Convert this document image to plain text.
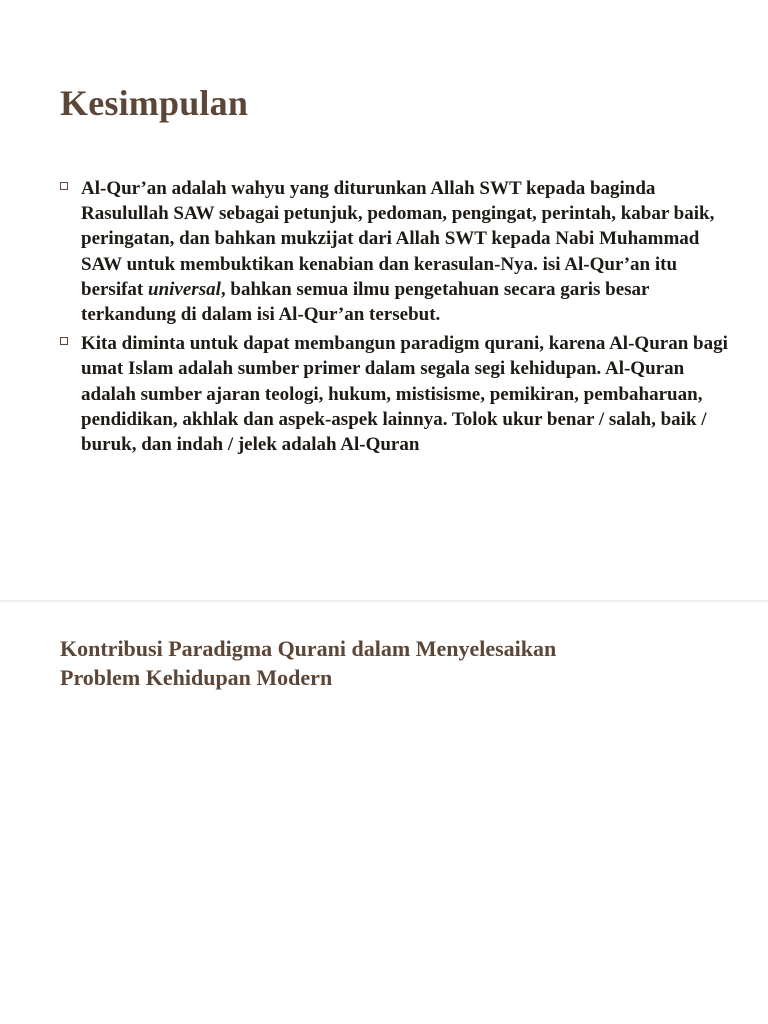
Kesimpulan
Al-Qur’an adalah wahyu yang diturunkan Allah SWT kepada baginda Rasulullah SAW sebagai petunjuk, pedoman, pengingat, perintah, kabar baik, peringatan, dan bahkan mukzijat dari Allah SWT kepada Nabi Muhammad SAW untuk membuktikan kenabian dan kerasulan-Nya. isi Al-Qur’an itu bersifat universal, bahkan semua ilmu pengetahuan secara garis besar terkandung di dalam isi Al-Qur’an tersebut.
Kita diminta untuk dapat membangun paradigm qurani, karena Al-Quran bagi umat Islam adalah sumber primer dalam segala segi kehidupan. Al-Quran adalah sumber ajaran teologi, hukum, mistisisme, pemikiran, pembaharuan, pendidikan, akhlak dan aspek-aspek lainnya. Tolok ukur benar / salah, baik / buruk, dan indah / jelek adalah Al-Quran
Kontribusi Paradigma Qurani dalam Menyelesaikan
Problem Kehidupan Modern
